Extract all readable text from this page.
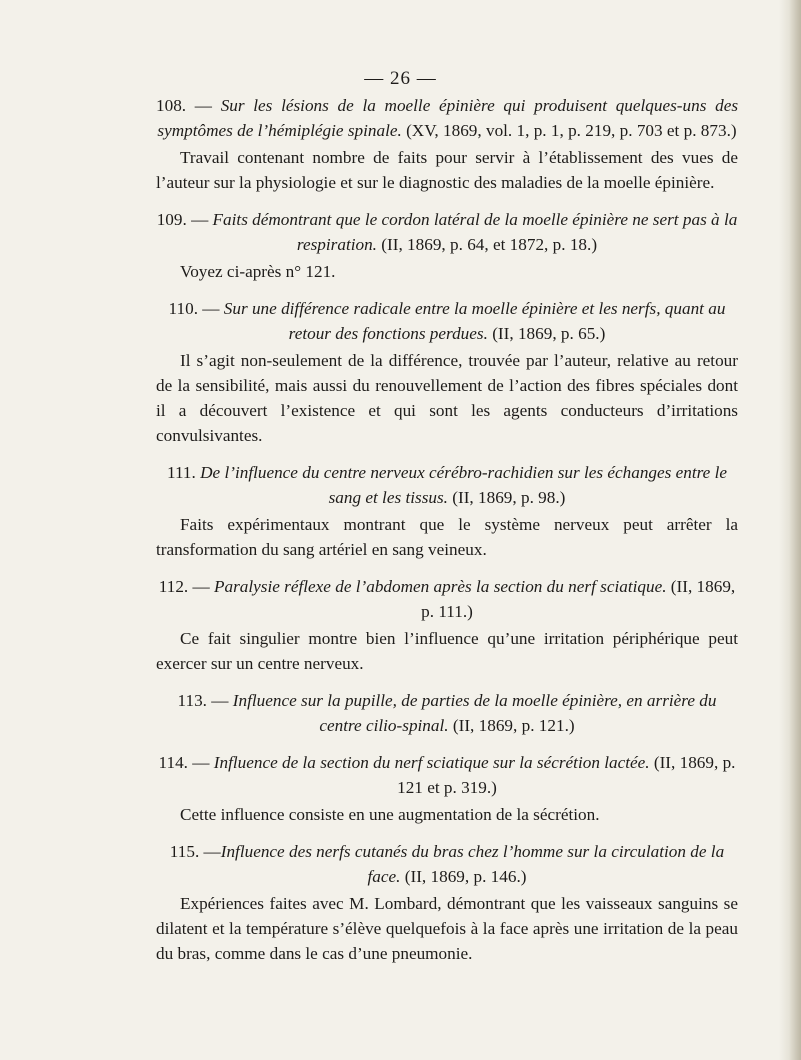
— 26 —

108. — Sur les lésions de la moelle épinière qui produisent quelques-uns des symptômes de l’hémiplégie spinale. (XV, 1869, vol. 1, p. 1, p. 219, p. 703 et p. 873.)

Travail contenant nombre de faits pour servir à l’établissement des vues de l’auteur sur la physiologie et sur le diagnostic des maladies de la moelle épinière.

109. — Faits démontrant que le cordon latéral de la moelle épinière ne sert pas à la respiration. (II, 1869, p. 64, et 1872, p. 18.)

Voyez ci-après n° 121.

110. — Sur une différence radicale entre la moelle épinière et les nerfs, quant au retour des fonctions perdues. (II, 1869, p. 65.)

Il s’agit non-seulement de la différence, trouvée par l’auteur, relative au retour de la sensibilité, mais aussi du renouvellement de l’action des fibres spéciales dont il a découvert l’existence et qui sont les agents conducteurs d’irritations convulsivantes.

111. De l’influence du centre nerveux cérébro-rachidien sur les échanges entre le sang et les tissus. (II, 1869, p. 98.)

Faits expérimentaux montrant que le système nerveux peut arrêter la transformation du sang artériel en sang veineux.

112. — Paralysie réflexe de l’abdomen après la section du nerf sciatique. (II, 1869, p. 111.)

Ce fait singulier montre bien l’influence qu’une irritation périphérique peut exercer sur un centre nerveux.

113. — Influence sur la pupille, de parties de la moelle épinière, en arrière du centre cilio-spinal. (II, 1869, p. 121.)

114. — Influence de la section du nerf sciatique sur la sécrétion lactée. (II, 1869, p. 121 et p. 319.)

Cette influence consiste en une augmentation de la sécrétion.

115. —Influence des nerfs cutanés du bras chez l’homme sur la circulation de la face. (II, 1869, p. 146.)

Expériences faites avec M. Lombard, démontrant que les vaisseaux sanguins se dilatent et la température s’élève quelquefois à la face après une irritation de la peau du bras, comme dans le cas d’une pneumonie.
